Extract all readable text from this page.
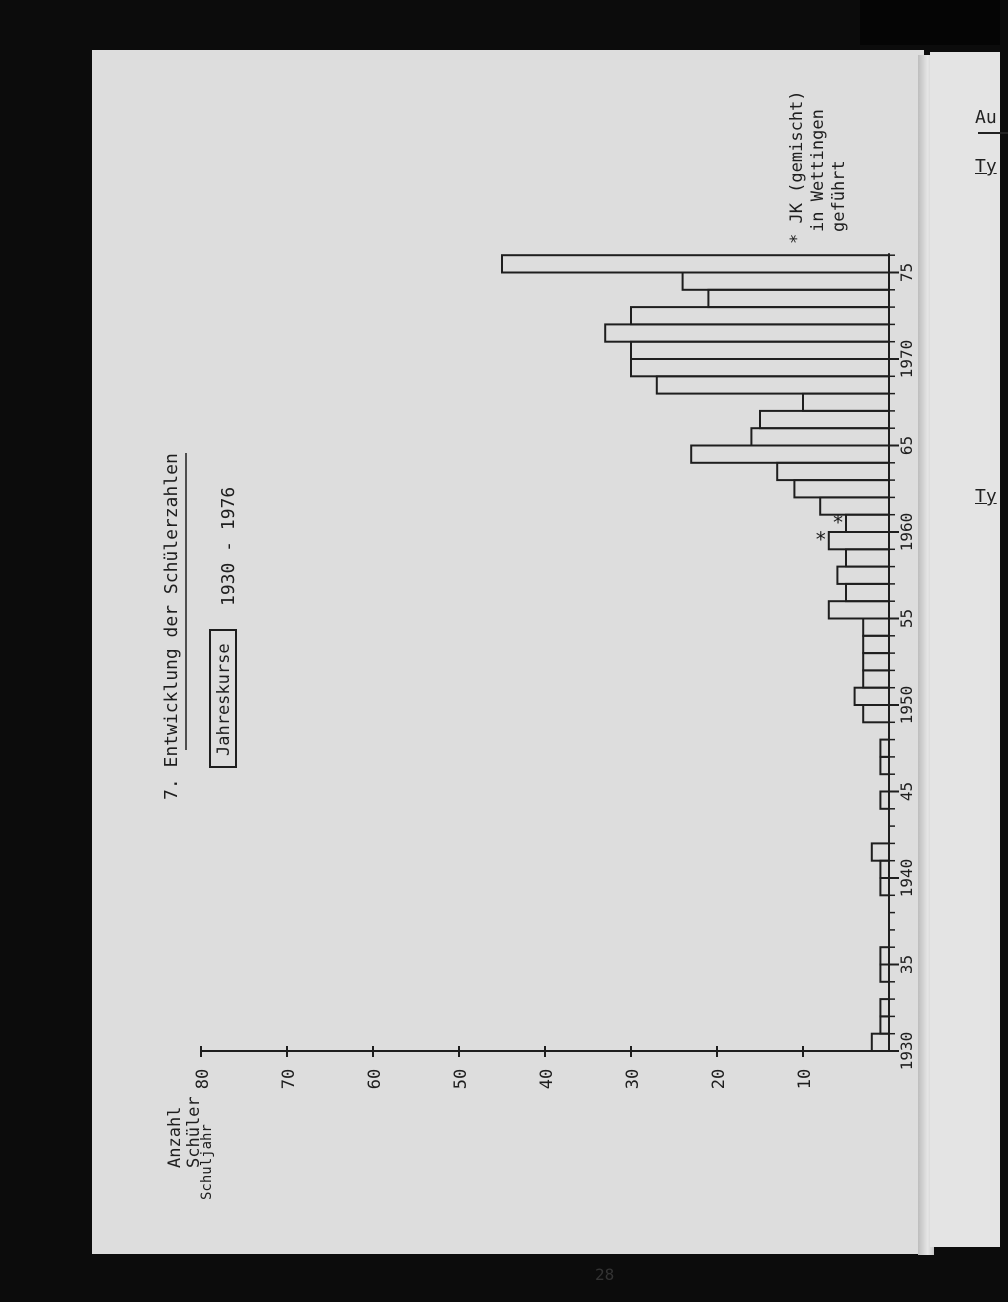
7. Entwicklung der Schülerzahlen Jahreskurse
1930 - 1976	*
*
10
20
30
40
50
60
70
80
1930
35
1940
45
1950
55
1960
65
1970
75
Anzahl Schüler
Schuljahr
* JK (gemischt) in Wettingen geführt
28
Au
Ty
Ty
